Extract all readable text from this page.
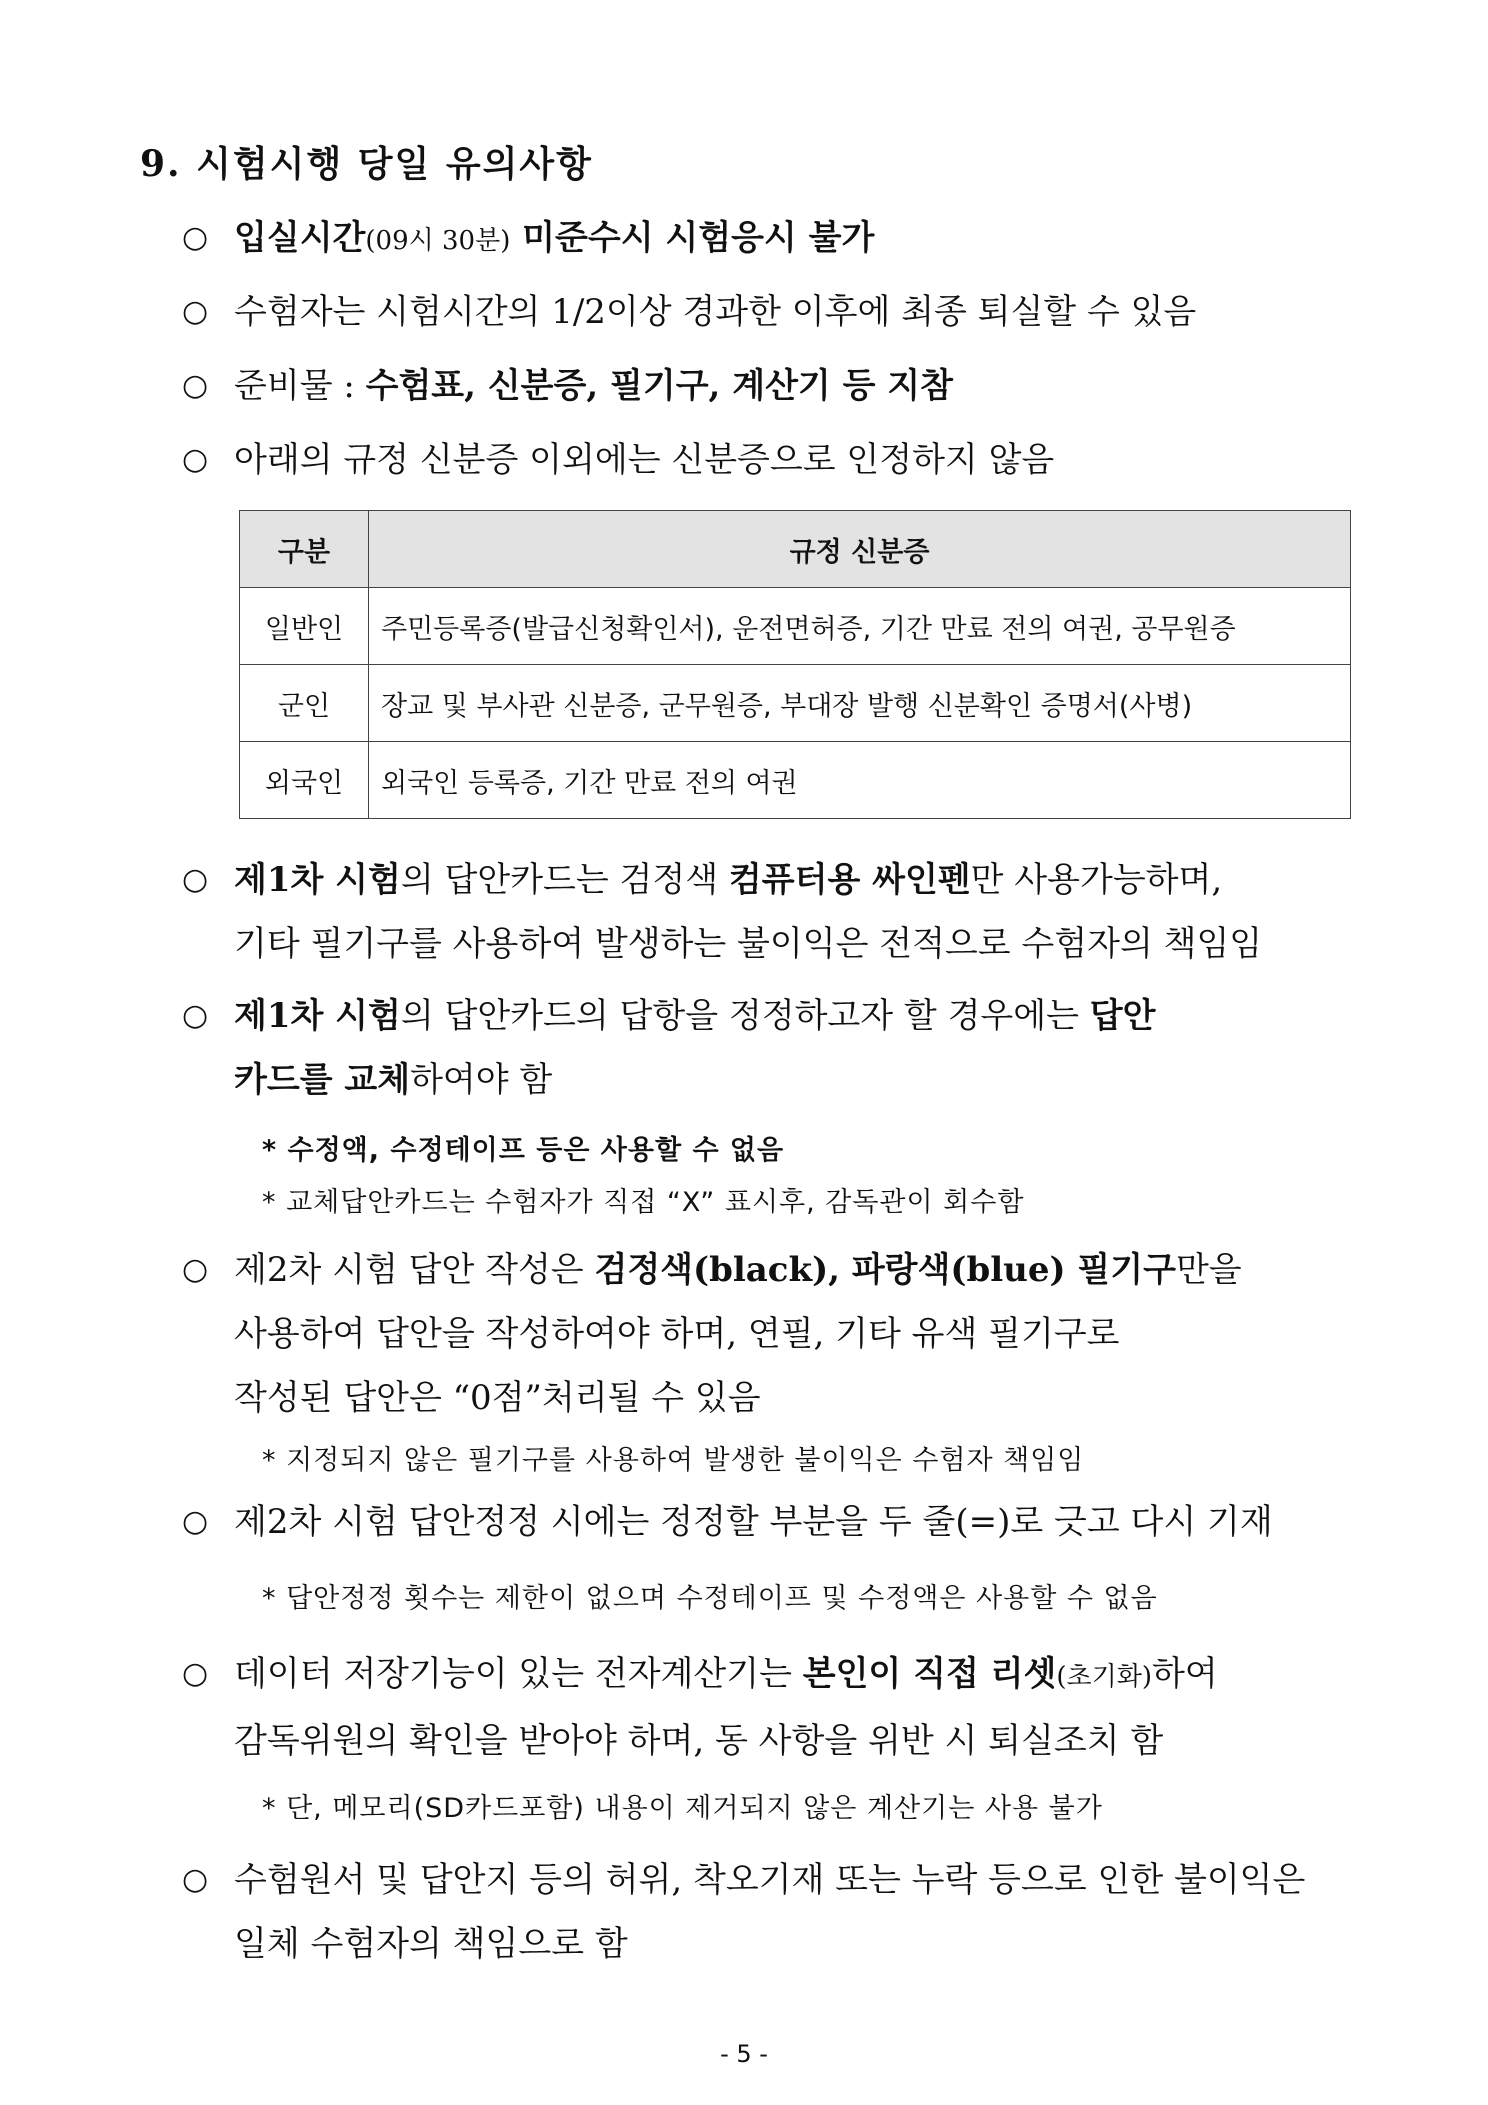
9. 시험시행 당일 유의사항
○ 입실시간(09시 30분) 미준수시 시험응시 불가
○ 수험자는 시험시간의 1/2이상 경과한 이후에 최종 퇴실할 수 있음
○ 준비물 : 수험표, 신분증, 필기구, 계산기 등 지참
○ 아래의 규정 신분증 이외에는 신분증으로 인정하지 않음
구분	규정 신분증
일반인	주민등록증(발급신청확인서), 운전면허증, 기간 만료 전의 여권, 공무원증
군인	장교 및 부사관 신분증, 군무원증, 부대장 발행 신분확인 증명서(사병)
외국인	외국인 등록증, 기간 만료 전의 여권
○ 제1차 시험의 답안카드는 검정색 컴퓨터용 싸인펜만 사용가능하며,
기타 필기구를 사용하여 발생하는 불이익은 전적으로 수험자의 책임임
○ 제1차 시험의 답안카드의 답항을 정정하고자 할 경우에는 답안
카드를 교체하여야 함
* 수정액, 수정테이프 등은 사용할 수 없음
* 교체답안카드는 수험자가 직접 “X” 표시후, 감독관이 회수함
○ 제2차 시험 답안 작성은 검정색(black), 파랑색(blue) 필기구만을
사용하여 답안을 작성하여야 하며, 연필, 기타 유색 필기구로
작성된 답안은 “0점”처리될 수 있음
* 지정되지 않은 필기구를 사용하여 발생한 불이익은 수험자 책임임
○ 제2차 시험 답안정정 시에는 정정할 부분을 두 줄(=)로 긋고 다시 기재
* 답안정정 횟수는 제한이 없으며 수정테이프 및 수정액은 사용할 수 없음
○ 데이터 저장기능이 있는 전자계산기는 본인이 직접 리셋(초기화)하여
감독위원의 확인을 받아야 하며, 동 사항을 위반 시 퇴실조치 함
* 단, 메모리(SD카드포함) 내용이 제거되지 않은 계산기는 사용 불가
○ 수험원서 및 답안지 등의 허위, 착오기재 또는 누락 등으로 인한 불이익은
일체 수험자의 책임으로 함
- 5 -
